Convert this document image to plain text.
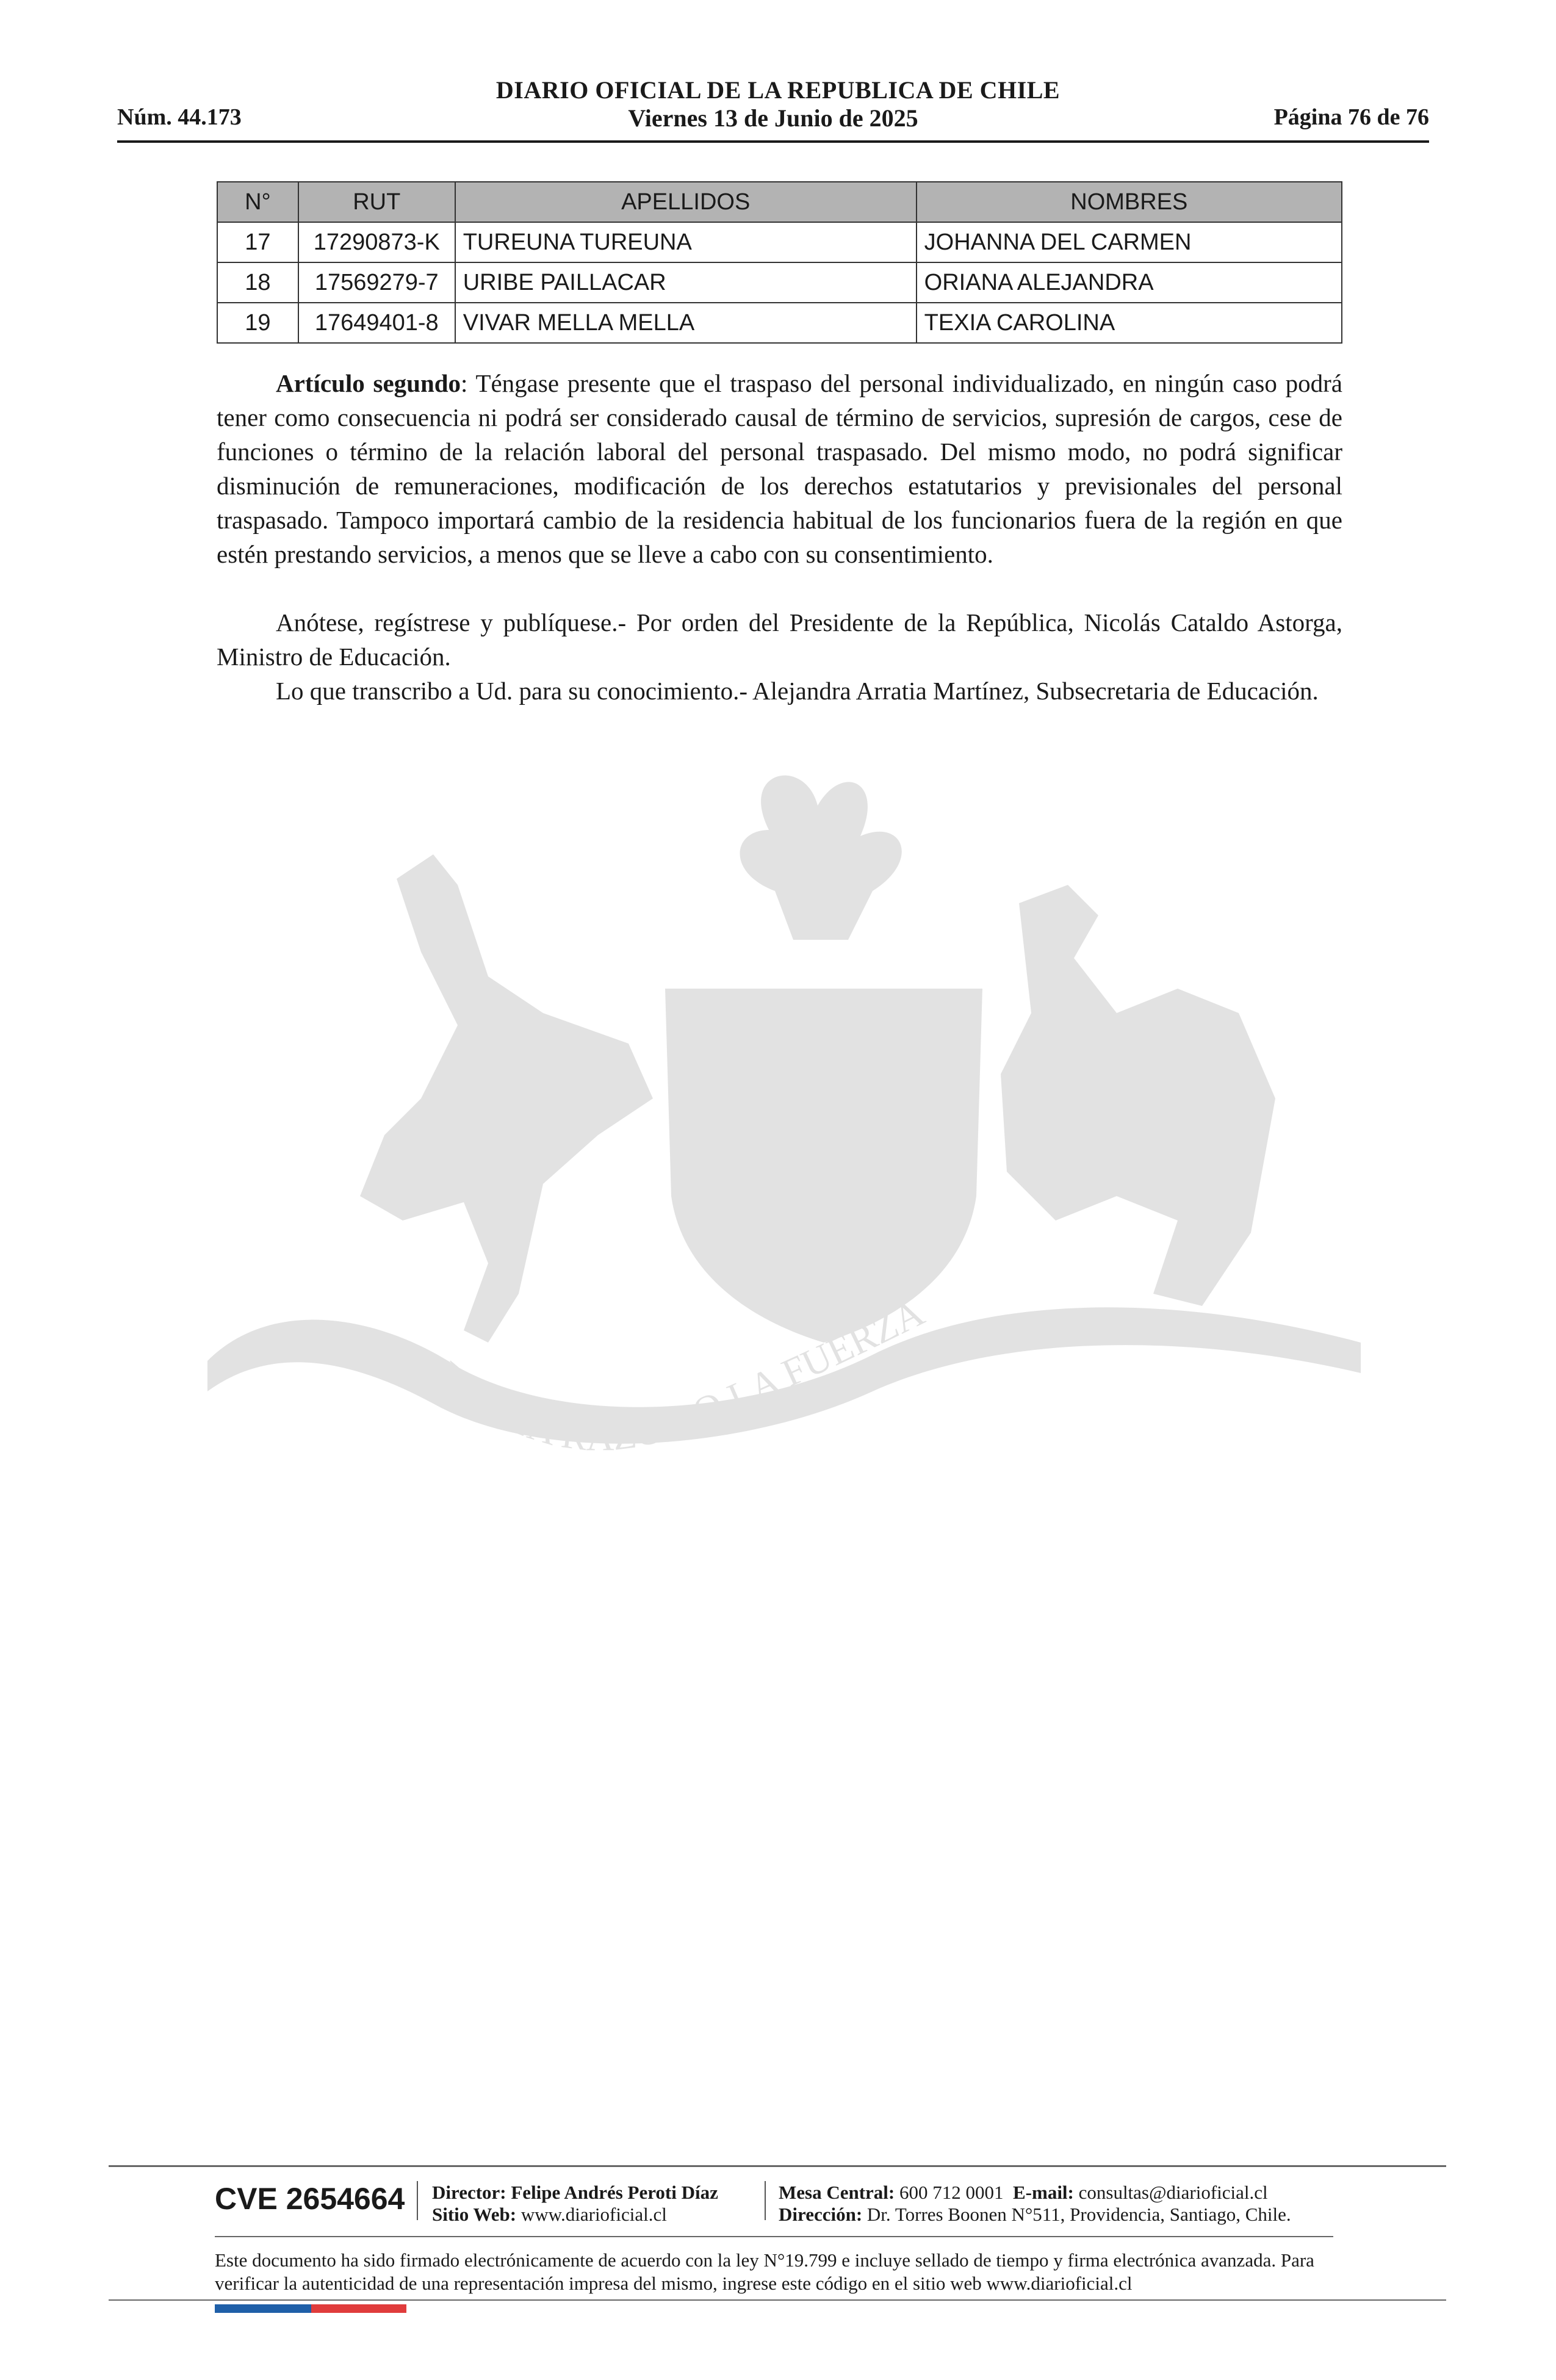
DIARIO OFICIAL DE LA REPUBLICA DE CHILE
Núm. 44.173	Viernes 13 de Junio de 2025	Página 76 de 76
POR LA RAZON O LA FUERZA
N°	RUT	APELLIDOS	NOMBRES
17	17290873-K	TUREUNA TUREUNA	JOHANNA DEL CARMEN
18	17569279-7	URIBE PAILLACAR	ORIANA ALEJANDRA
19	17649401-8	VIVAR MELLA MELLA	TEXIA CAROLINA

Artículo segundo: Téngase presente que el traspaso del personal individualizado, en ningún caso podrá tener como consecuencia ni podrá ser considerado causal de término de servicios, supresión de cargos, cese de funciones o término de la relación laboral del personal traspasado. Del mismo modo, no podrá significar disminución de remuneraciones, modificación de los derechos estatutarios y previsionales del personal traspasado. Tampoco importará cambio de la residencia habitual de los funcionarios fuera de la región en que estén prestando servicios, a menos que se lleve a cabo con su consentimiento.

Anótese, regístrese y publíquese.- Por orden del Presidente de la República, Nicolás Cataldo Astorga, Ministro de Educación.

Lo que transcribo a Ud. para su conocimiento.- Alejandra Arratia Martínez, Subsecretaria de Educación.

CVE 2654664 Director: Felipe Andrés Peroti Díaz
Sitio Web: www.diarioficial.cl
Mesa Central: 600 712 0001 E-mail: consultas@diarioficial.cl
Dirección: Dr. Torres Boonen N°511, Providencia, Santiago, Chile.
Este documento ha sido firmado electrónicamente de acuerdo con la ley N°19.799 e incluye sellado de tiempo y firma electrónica avanzada. Para verificar la autenticidad de una representación impresa del mismo, ingrese este código en el sitio web www.diarioficial.cl
